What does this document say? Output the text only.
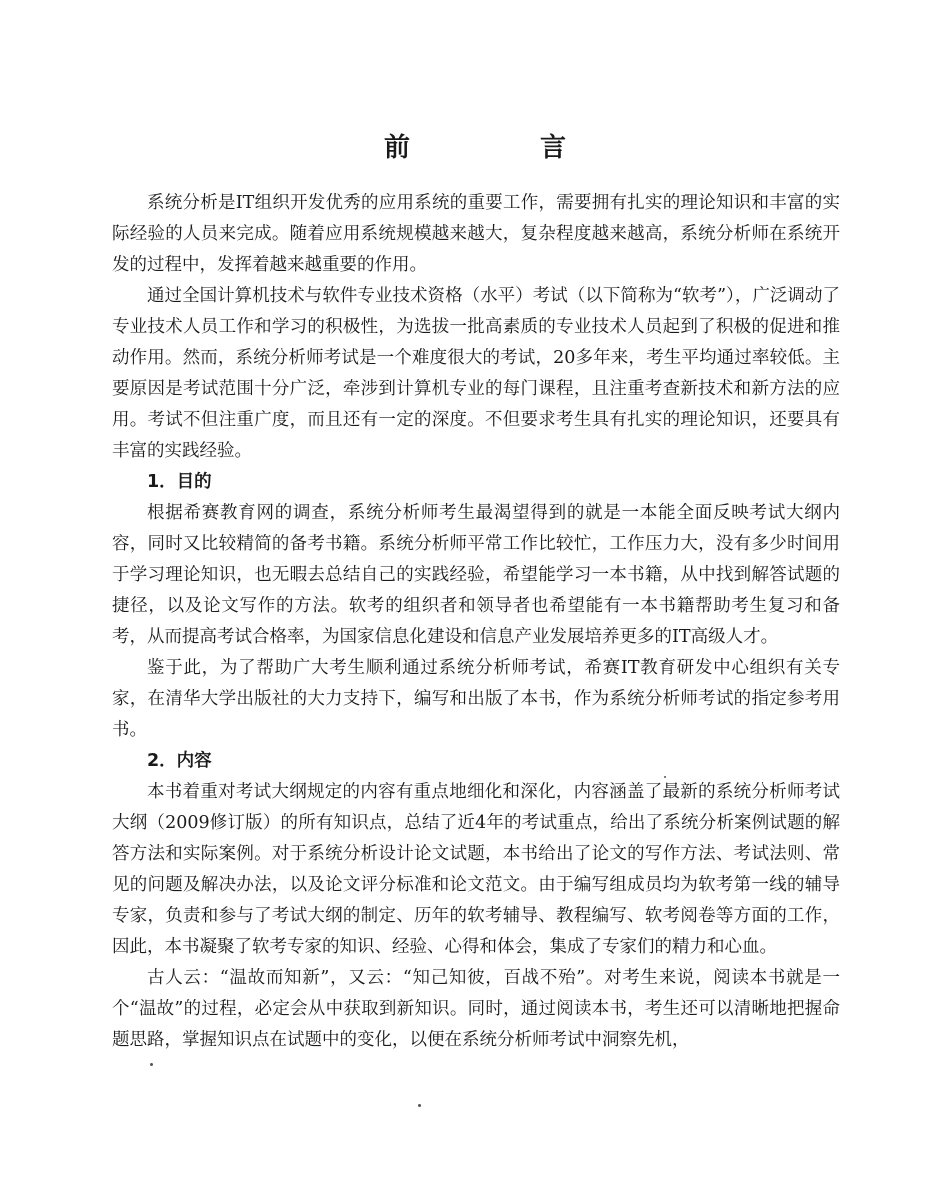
前　言

系统分析是IT组织开发优秀的应用系统的重要工作，需要拥有扎实的理论知识和丰富的实际经验的人员来完成。随着应用系统规模越来越大，复杂程度越来越高，系统分析师在系统开发的过程中，发挥着越来越重要的作用。

通过全国计算机技术与软件专业技术资格（水平）考试（以下简称为“软考”），广泛调动了专业技术人员工作和学习的积极性，为选拔一批高素质的专业技术人员起到了积极的促进和推动作用。然而，系统分析师考试是一个难度很大的考试，20多年来，考生平均通过率较低。主要原因是考试范围十分广泛，牵涉到计算机专业的每门课程，且注重考查新技术和新方法的应用。考试不但注重广度，而且还有一定的深度。不但要求考生具有扎实的理论知识，还要具有丰富的实践经验。

1．目的

根据希赛教育网的调查，系统分析师考生最渴望得到的就是一本能全面反映考试大纲内容，同时又比较精简的备考书籍。系统分析师平常工作比较忙，工作压力大，没有多少时间用于学习理论知识，也无暇去总结自己的实践经验，希望能学习一本书籍，从中找到解答试题的捷径，以及论文写作的方法。软考的组织者和领导者也希望能有一本书籍帮助考生复习和备考，从而提高考试合格率，为国家信息化建设和信息产业发展培养更多的IT高级人才。

鉴于此，为了帮助广大考生顺利通过系统分析师考试，希赛IT教育研发中心组织有关专家，在清华大学出版社的大力支持下，编写和出版了本书，作为系统分析师考试的指定参考用书。

2．内容

本书着重对考试大纲规定的内容有重点地细化和深化，内容涵盖了最新的系统分析师考试大纲（2009修订版）的所有知识点，总结了近4年的考试重点，给出了系统分析案例试题的解答方法和实际案例。对于系统分析设计论文试题，本书给出了论文的写作方法、考试法则、常见的问题及解决办法，以及论文评分标准和论文范文。由于编写组成员均为软考第一线的辅导专家，负责和参与了考试大纲的制定、历年的软考辅导、教程编写、软考阅卷等方面的工作，因此，本书凝聚了软考专家的知识、经验、心得和体会，集成了专家们的精力和心血。

古人云：“温故而知新”，又云：“知己知彼，百战不殆”。对考生来说，阅读本书就是一个“温故”的过程，必定会从中获取到新知识。同时，通过阅读本书，考生还可以清晰地把握命题思路，掌握知识点在试题中的变化，以便在系统分析师考试中洞察先机，
